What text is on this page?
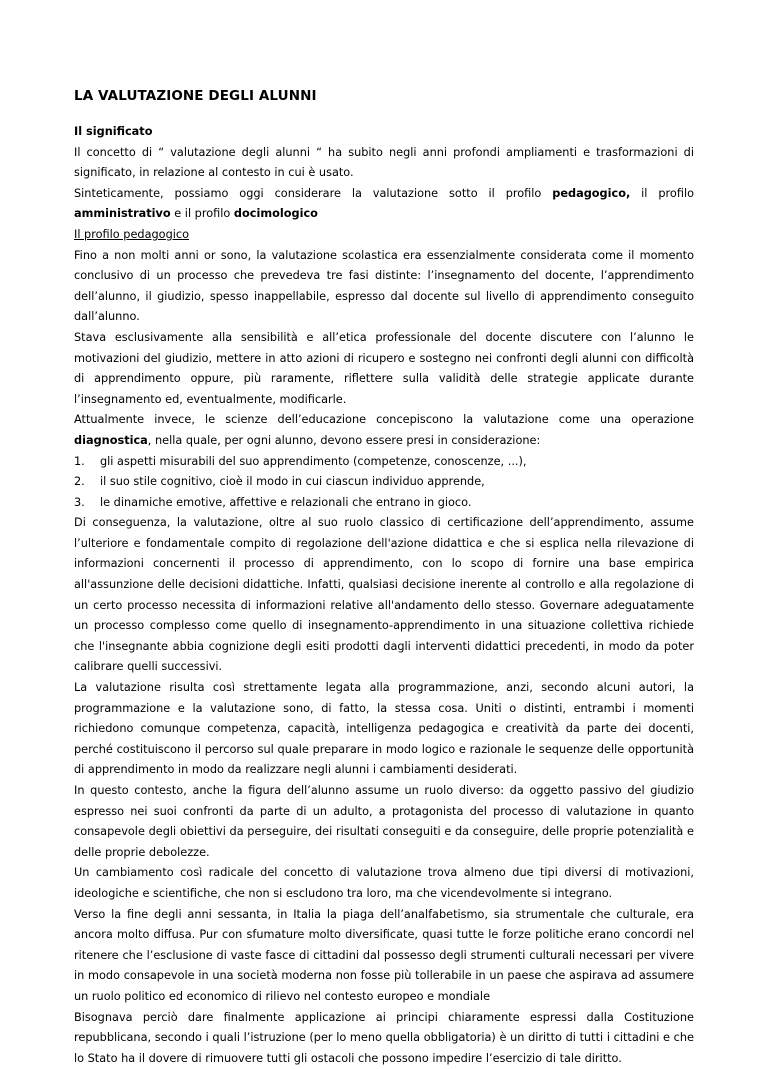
LA VALUTAZIONE DEGLI ALUNNI

Il significato

Il concetto di “ valutazione degli alunni “ ha subito negli anni profondi ampliamenti e trasformazioni di significato, in relazione al contesto in cui è usato.

Sinteticamente, possiamo oggi considerare la valutazione sotto il profilo pedagogico, il profilo amministrativo e il profilo docimologico

Il profilo pedagogico

Fino a non molti anni or sono, la valutazione scolastica era essenzialmente considerata come il momento conclusivo di un processo che prevedeva tre fasi distinte: l’insegnamento del docente, l’apprendimento dell’alunno, il giudizio, spesso inappellabile, espresso dal docente sul livello di apprendimento conseguito dall’alunno.

Stava esclusivamente alla sensibilità e all’etica professionale del docente discutere con l’alunno le motivazioni del giudizio, mettere in atto azioni di ricupero e sostegno nei confronti degli alunni con difficoltà di apprendimento oppure, più raramente, riflettere sulla validità delle strategie applicate durante l’insegnamento ed, eventualmente, modificarle.

Attualmente invece, le scienze dell’educazione concepiscono la valutazione come una operazione diagnostica, nella quale, per ogni alunno, devono essere presi in considerazione:

1.	gli aspetti misurabili del suo apprendimento (competenze, conoscenze, ...),
2.	il suo stile cognitivo, cioè il modo in cui ciascun individuo apprende,
3.	le dinamiche emotive, affettive e relazionali che entrano in gioco.

Di conseguenza, la valutazione, oltre al suo ruolo classico di certificazione dell’apprendimento, assume l’ulteriore e fondamentale compito di regolazione dell'azione didattica e che si esplica nella rilevazione di informazioni concernenti il processo di apprendimento, con lo scopo di fornire una base empirica all'assunzione delle decisioni didattiche. Infatti, qualsiasi decisione inerente al controllo e alla regolazione di un certo processo necessita di informazioni relative all'andamento dello stesso. Governare adeguatamente un processo complesso come quello di insegnamento-apprendimento in una situazione collettiva richiede che l'insegnante abbia cognizione degli esiti prodotti dagli interventi didattici precedenti, in modo da poter calibrare quelli successivi.

La valutazione risulta così strettamente legata alla programmazione, anzi, secondo alcuni autori, la programmazione e la valutazione sono, di fatto, la stessa cosa. Uniti o distinti, entrambi i momenti richiedono comunque competenza, capacità, intelligenza pedagogica e creatività da parte dei docenti, perché costituiscono il percorso sul quale preparare in modo logico e razionale le sequenze delle opportunità di apprendimento in modo da realizzare negli alunni i cambiamenti desiderati.

In questo contesto, anche la figura dell’alunno assume un ruolo diverso: da oggetto passivo del giudizio espresso nei suoi confronti da parte di un adulto, a protagonista del processo di valutazione in quanto consapevole degli obiettivi da perseguire, dei risultati conseguiti e da conseguire, delle proprie potenzialità e delle proprie debolezze.

Un cambiamento così radicale del concetto di valutazione trova almeno due tipi diversi di motivazioni, ideologiche e scientifiche, che non si escludono tra loro, ma che vicendevolmente si integrano.

Verso la fine degli anni sessanta, in Italia la piaga dell’analfabetismo, sia strumentale che culturale, era ancora molto diffusa. Pur con sfumature molto diversificate, quasi tutte le forze politiche erano concordi nel ritenere che l’esclusione di vaste fasce di cittadini dal possesso degli strumenti culturali necessari per vivere in modo consapevole in una società moderna non fosse più tollerabile in un paese che aspirava ad assumere un ruolo politico ed economico di rilievo nel contesto europeo e mondiale

Bisognava perciò dare finalmente applicazione ai principi chiaramente espressi dalla Costituzione repubblicana, secondo i quali l’istruzione (per lo meno quella obbligatoria) è un diritto di tutti i cittadini e che lo Stato ha il dovere di rimuovere tutti gli ostacoli che possono impedire l’esercizio di tale diritto.
